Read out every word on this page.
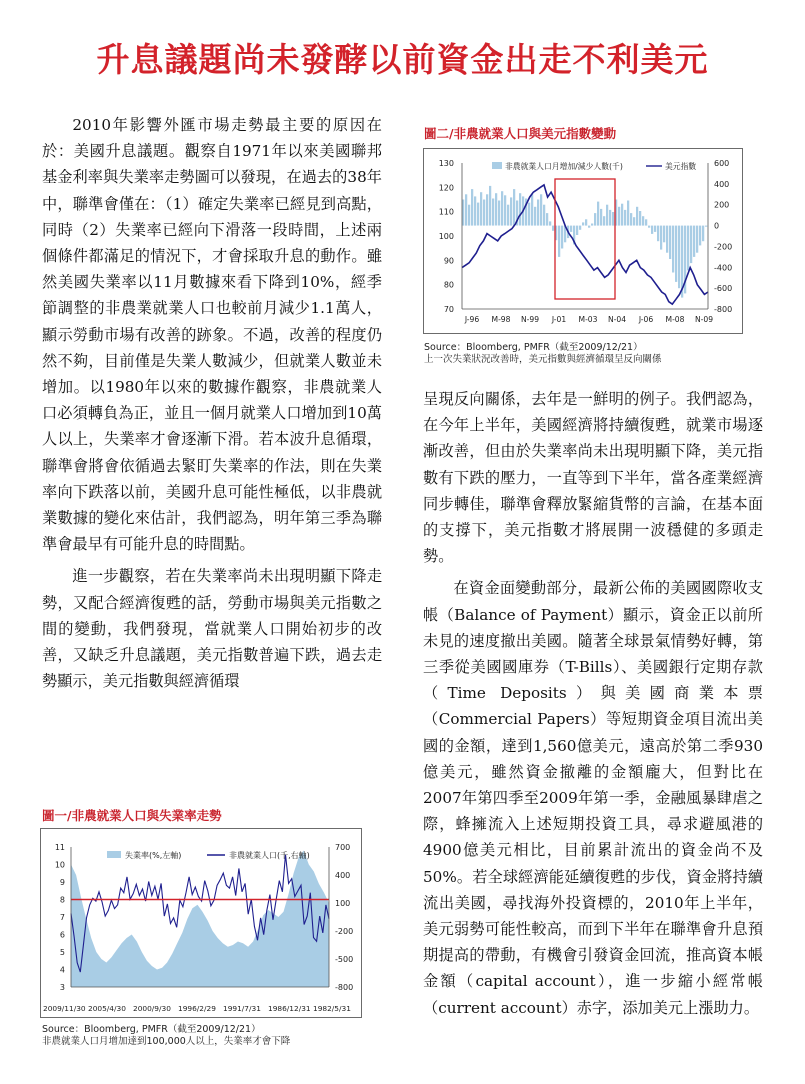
升息議題尚未發酵以前資金出走不利美元

2010年影響外匯市場走勢最主要的原因在於：美國升息議題。觀察自1971年以來美國聯邦基金利率與失業率走勢圖可以發現，在過去的38年中，聯準會僅在：（1）確定失業率已經見到高點，同時（2）失業率已經向下滑落一段時間，上述兩個條件都滿足的情況下，才會採取升息的動作。雖然美國失業率以11月數據來看下降到10%，經季節調整的非農業就業人口也較前月減少1.1萬人，顯示勞動市場有改善的跡象。不過，改善的程度仍然不夠，目前僅是失業人數減少，但就業人數並未增加。以1980年以來的數據作觀察，非農就業人口必須轉負為正，並且一個月就業人口增加到10萬人以上，失業率才會逐漸下滑。若本波升息循環，聯準會將會依循過去緊盯失業率的作法，則在失業率向下跌落以前，美國升息可能性極低，以非農就業數據的變化來估計，我們認為，明年第三季為聯準會最早有可能升息的時間點。

進一步觀察，若在失業率尚未出現明顯下降走勢，又配合經濟復甦的話，勞動市場與美元指數之間的變動，我們發現，當就業人口開始初步的改善，又缺乏升息議題，美元指數普遍下跌，過去走勢顯示，美元指數與經濟循環

圖一/非農就業人口與失業率走勢
3
4
5
6
7
8
9
10
11
-800
-500
-200
100
400
700
2009/11/30 2005/4/30 2000/9/30 1996/2/29 1991/7/31 1986/12/31 1982/5/31
失業率(%,左軸)	非農就業人口(千,右軸)
Source：Bloomberg, PMFR（截至2009/12/21）
非農就業人口月增加達到100,000人以上，失業率才會下降
圖二/非農就業人口與美元指數變動
70
80
90
100
110
120
130
-800
-600
-400
-200
0
200
400
600
J-96 M-98 N-99 J-01 M-03 N-04 J-06 M-08 N-09
非農就業人口月增加/減少人數(千)	美元指數
Source：Bloomberg, PMFR（截至2009/12/21）
上一次失業狀況改善時，美元指數與經濟循環呈反向關係

呈現反向關係，去年是一鮮明的例子。我們認為，在今年上半年，美國經濟將持續復甦，就業市場逐漸改善，但由於失業率尚未出現明顯下降，美元指數有下跌的壓力，一直等到下半年，當各產業經濟同步轉佳，聯準會釋放緊縮貨幣的言論，在基本面的支撐下，美元指數才將展開一波穩健的多頭走勢。

在資金面變動部分，最新公佈的美國國際收支帳（Balance of Payment）顯示，資金正以前所未見的速度撤出美國。隨著全球景氣情勢好轉，第三季從美國國庫券（T-Bills）、美國銀行定期存款（Time Deposits）與美國商業本票（Commercial Papers）等短期資金項目流出美國的金額，達到1,560億美元，遠高於第二季930億美元，雖然資金撤離的金額龐大，但對比在2007年第四季至2009年第一季，金融風暴肆虐之際，蜂擁流入上述短期投資工具，尋求避風港的4900億美元相比，目前累計流出的資金尚不及50%。若全球經濟能延續復甦的步伐，資金將持續流出美國，尋找海外投資標的，2010年上半年，美元弱勢可能性較高，而到下半年在聯準會升息預期提高的帶動，有機會引發資金回流，推高資本帳金額（capital account），進一步縮小經常帳（current account）赤字，添加美元上漲助力。
